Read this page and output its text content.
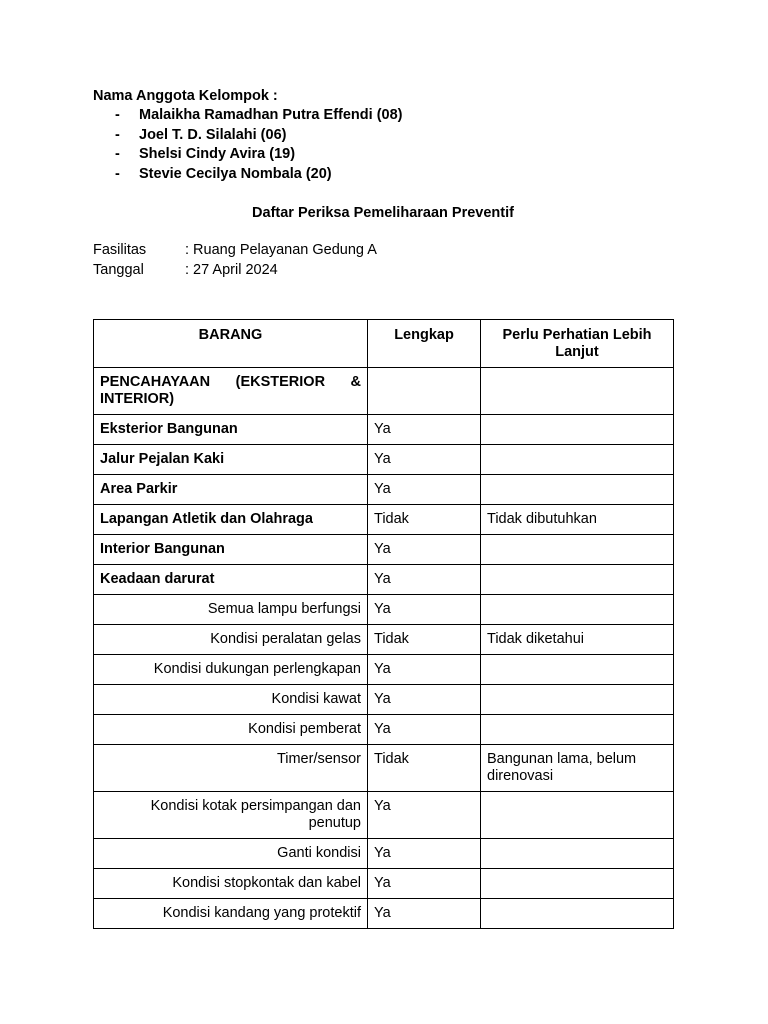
Nama Anggota Kelompok :

- Malaikha Ramadhan Putra Effendi (08)
- Joel T. D. Silalahi (06)
- Shelsi Cindy Avira (19)
- Stevie Cecilya Nombala (20)
Daftar Periksa Pemeliharaan Preventif
Fasilitas	: Ruang Pelayanan Gedung A
Tanggal	: 27 April 2024
BARANG	Lengkap	Perlu Perhatian Lebih Lanjut
PENCAHAYAAN (EKSTERIOR & INTERIOR)		
Eksterior Bangunan	Ya	
Jalur Pejalan Kaki	Ya	
Area Parkir	Ya	
Lapangan Atletik dan Olahraga	Tidak	Tidak dibutuhkan
Interior Bangunan	Ya	
Keadaan darurat	Ya	
Semua lampu berfungsi	Ya	
Kondisi peralatan gelas	Tidak	Tidak diketahui
Kondisi dukungan perlengkapan	Ya	
Kondisi kawat	Ya	
Kondisi pemberat	Ya	
Timer/sensor	Tidak	Bangunan lama, belum direnovasi
Kondisi kotak persimpangan dan penutup	Ya	
Ganti kondisi	Ya	
Kondisi stopkontak dan kabel	Ya	
Kondisi kandang yang protektif	Ya	
